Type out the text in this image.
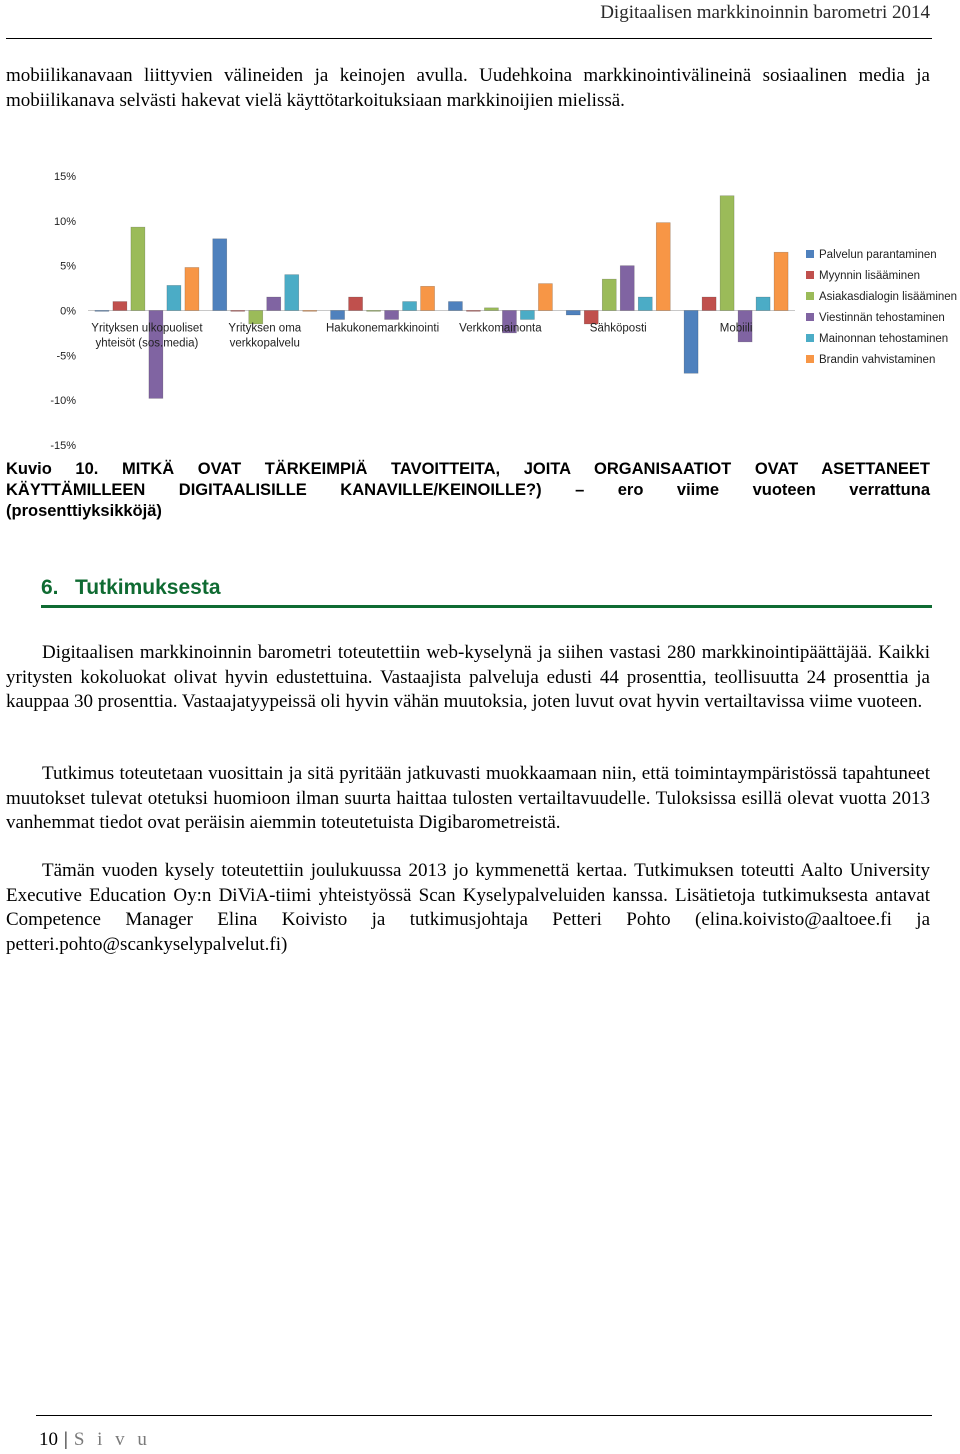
Digitaalisen markkinoinnin barometri 2014

mobiilikanavaan liittyvien välineiden ja keinojen avulla. Uudehkoina markkinointivälineinä sosiaalinen media ja mobiilikanava selvästi hakevat vielä käyttötarkoituksiaan markkinoijien mielissä.

15%
10%
5%
0%
-5%
-10%
-15%
Yrityksen ulkopuoliset
yhteisöt (sos.media)
Yrityksen oma
verkkopalvelu
Hakukonemarkkinointi Verkkomainonta	Sähköposti	Mobiili
Palvelun parantaminen
Myynnin lisääminen
Asiakasdialogin lisääminen
Viestinnän tehostaminen
Mainonnan tehostaminen
Brandin vahvistaminen
Kuvio 10. MITKÄ OVAT TÄRKEIMPIÄ TAVOITTEITA, JOITA ORGANISAATIOT OVAT ASETTANEET
KÄYTTÄMILLEEN DIGITAALISILLE KANAVILLE/KEINOILLE?) – ero viime vuoteen verrattuna
(prosenttiyksikköjä)
6. Tutkimuksesta

Digitaalisen markkinoinnin barometri toteutettiin web-kyselynä ja siihen vastasi 280 markkinointipäättäjää. Kaikki yritysten kokoluokat olivat hyvin edustettuina. Vastaajista palveluja edusti 44 prosenttia, teollisuutta 24 prosenttia ja kauppaa 30 prosenttia. Vastaajatyypeissä oli hyvin vähän muutoksia, joten luvut ovat hyvin vertailtavissa viime vuoteen.

Tutkimus toteutetaan vuosittain ja sitä pyritään jatkuvasti muokkaamaan niin, että toimintaympäristössä tapahtuneet muutokset tulevat otetuksi huomioon ilman suurta haittaa tulosten vertailtavuudelle. Tuloksissa esillä olevat vuotta 2013 vanhemmat tiedot ovat peräisin aiemmin toteutetuista Digibarometreistä.

Tämän vuoden kysely toteutettiin joulukuussa 2013 jo kymmenettä kertaa. Tutkimuksen toteutti Aalto University Executive Education Oy:n DiViA-tiimi yhteistyössä Scan Kyselypalveluiden kanssa. Lisätietoja tutkimuksesta antavat Competence Manager Elina Koivisto ja tutkimusjohtaja Petteri Pohto (elina.koivisto@aaltoee.fi ja petteri.pohto@scankyselypalvelut.fi)

10 | S i v u
